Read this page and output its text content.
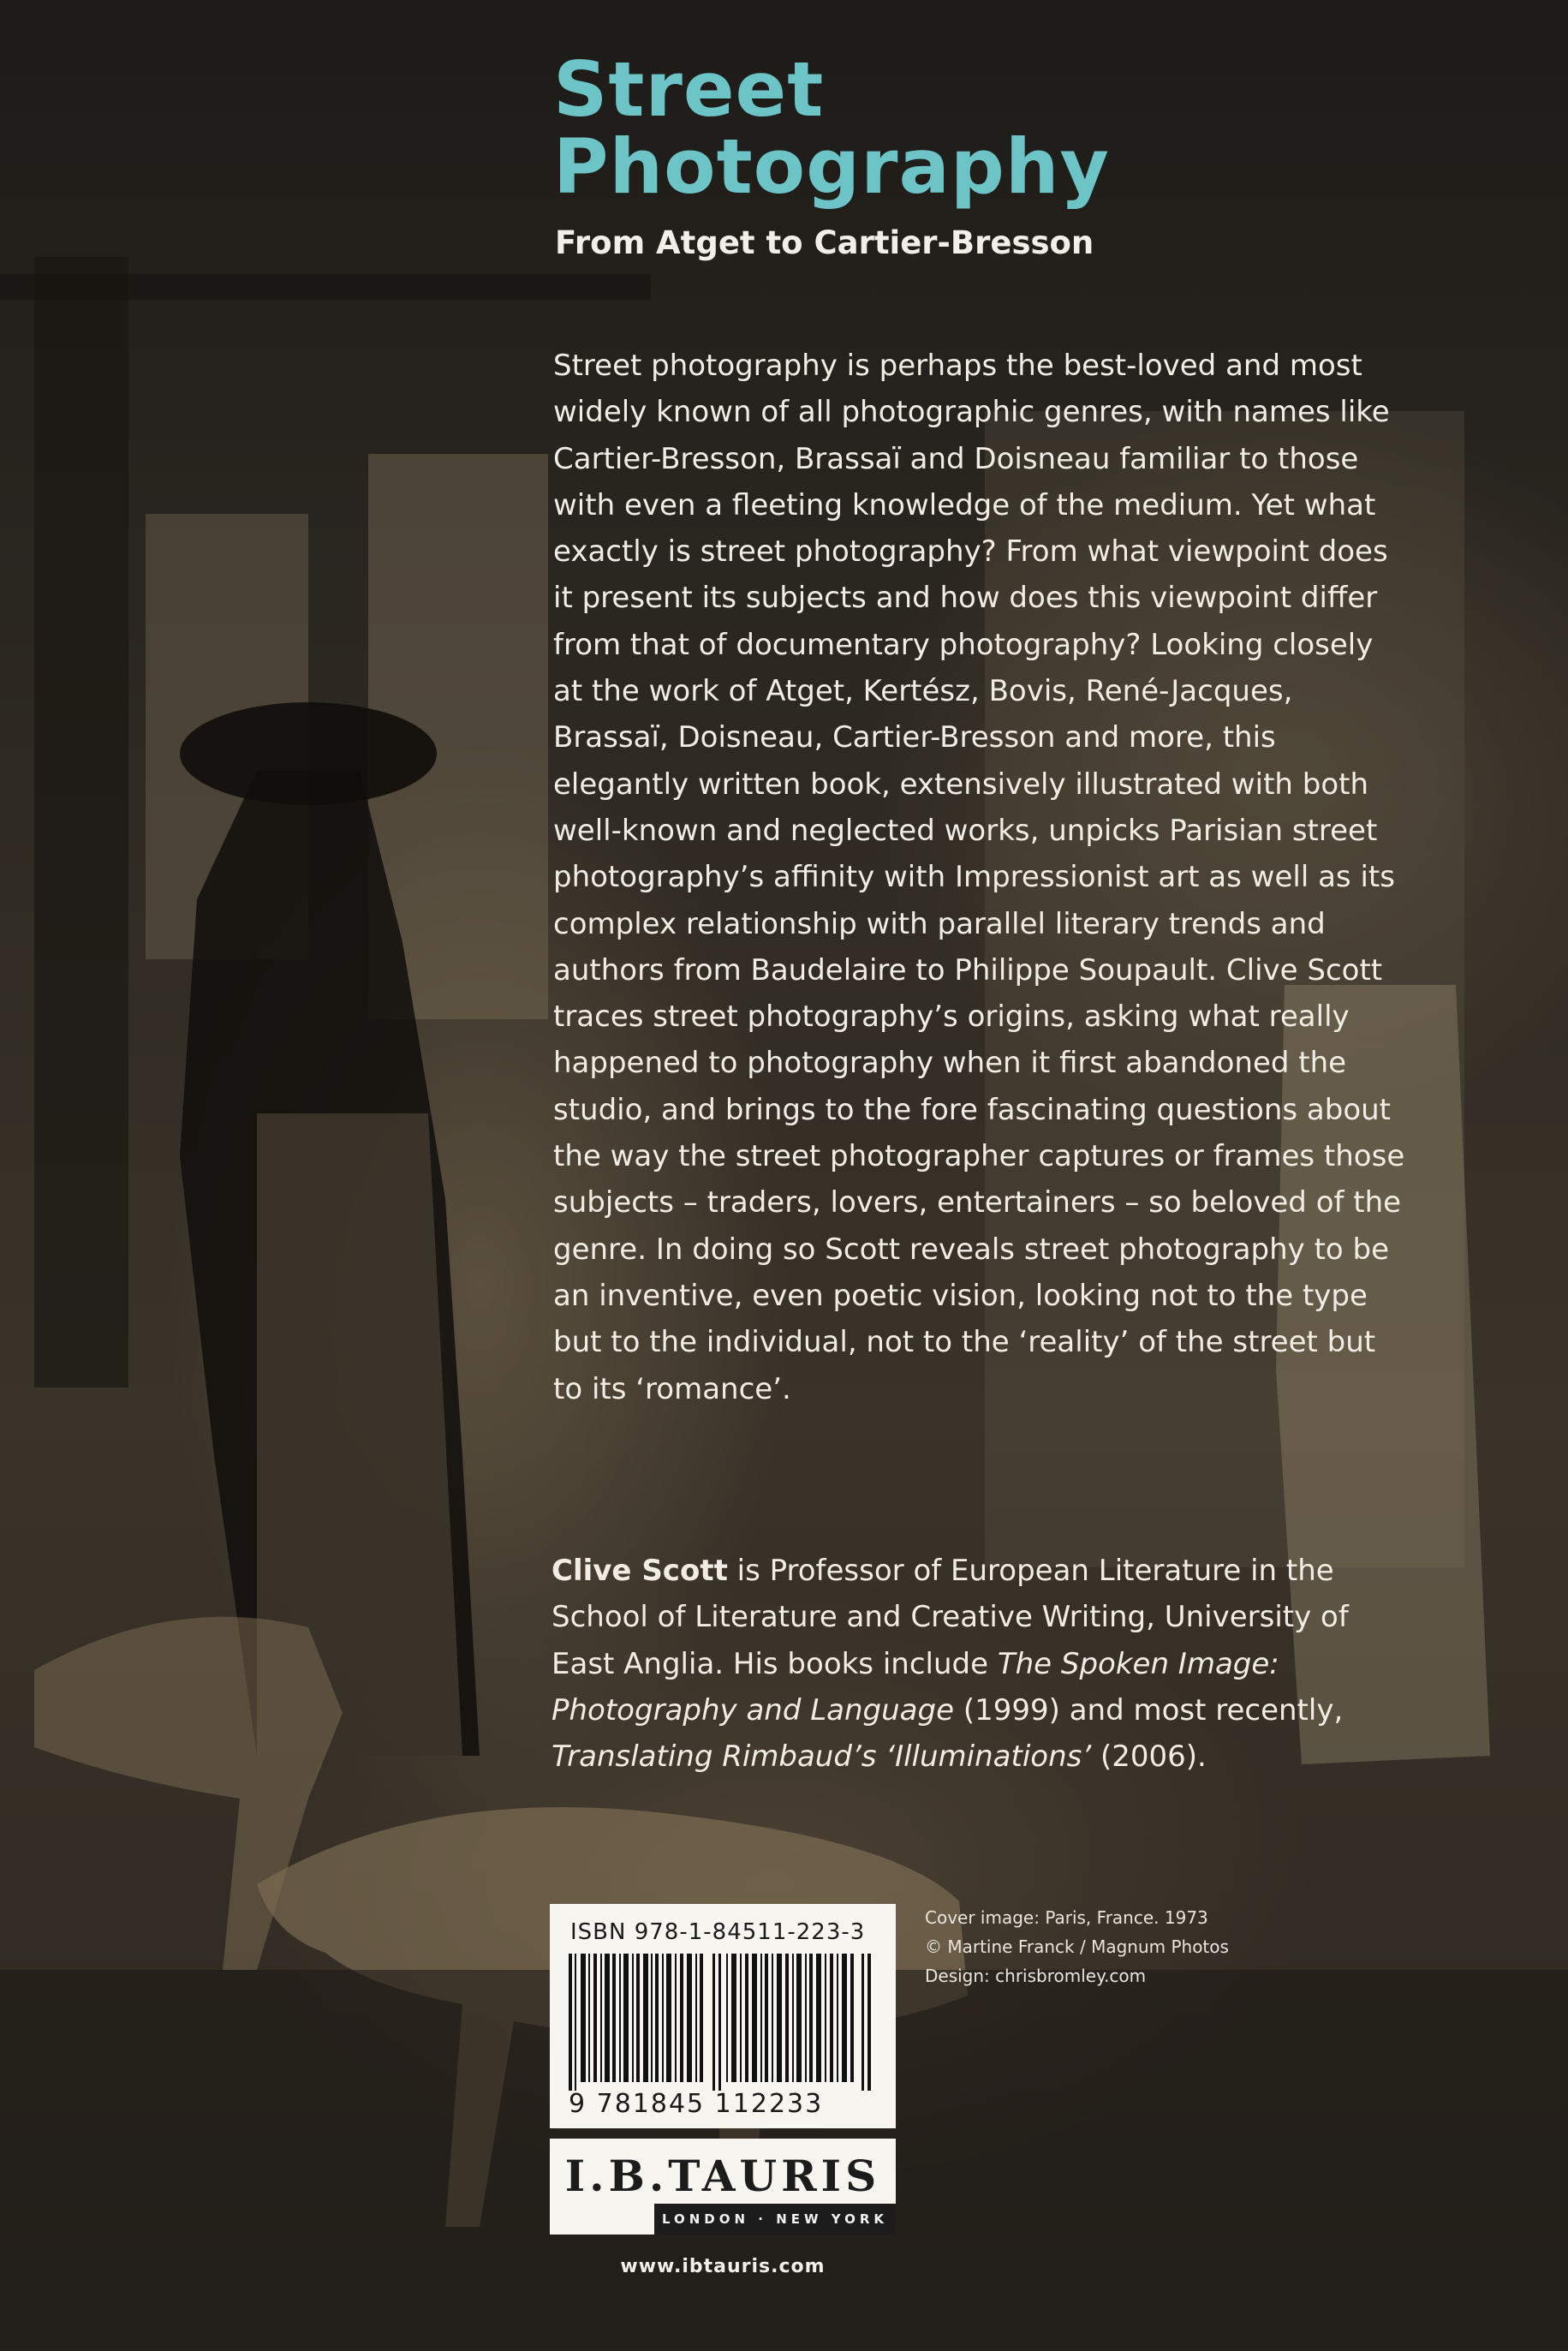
Street
Photography

From Atget to Cartier-Bresson

Street photography is perhaps the best-loved and most widely known of all photographic genres, with names like Cartier-Bresson, Brassaï and Doisneau familiar to those with even a fleeting knowledge of the medium. Yet what exactly is street photography? From what viewpoint does it present its subjects and how does this viewpoint differ from that of documentary photography? Looking closely at the work of Atget, Kertész, Bovis, René-Jacques, Brassaï, Doisneau, Cartier-Bresson and more, this elegantly written book, extensively illustrated with both well-known and neglected works, unpicks Parisian street photography’s affinity with Impressionist art as well as its complex relationship with parallel literary trends and authors from Baudelaire to Philippe Soupault. Clive Scott traces street photography’s origins, asking what really happened to photography when it first abandoned the studio, and brings to the fore fascinating questions about the way the street photographer captures or frames those subjects – traders, lovers, entertainers – so beloved of the genre. In doing so Scott reveals street photography to be an inventive, even poetic vision, looking not to the type but to the individual, not to the ‘reality’ of the street but to its ‘romance’.

Clive Scott is Professor of European Literature in the School of Literature and Creative Writing, University of East Anglia. His books include The Spoken Image: Photography and Language (1999) and most recently, Translating Rimbaud’s ‘Illuminations’ (2006).

ISBN 978-1-84511-223-3
9 781845 112233
I.B.TAURIS
LONDON · NEW YORK
www.ibtauris.com
Cover image: Paris, France. 1973
© Martine Franck / Magnum Photos
Design: chrisbromley.com
